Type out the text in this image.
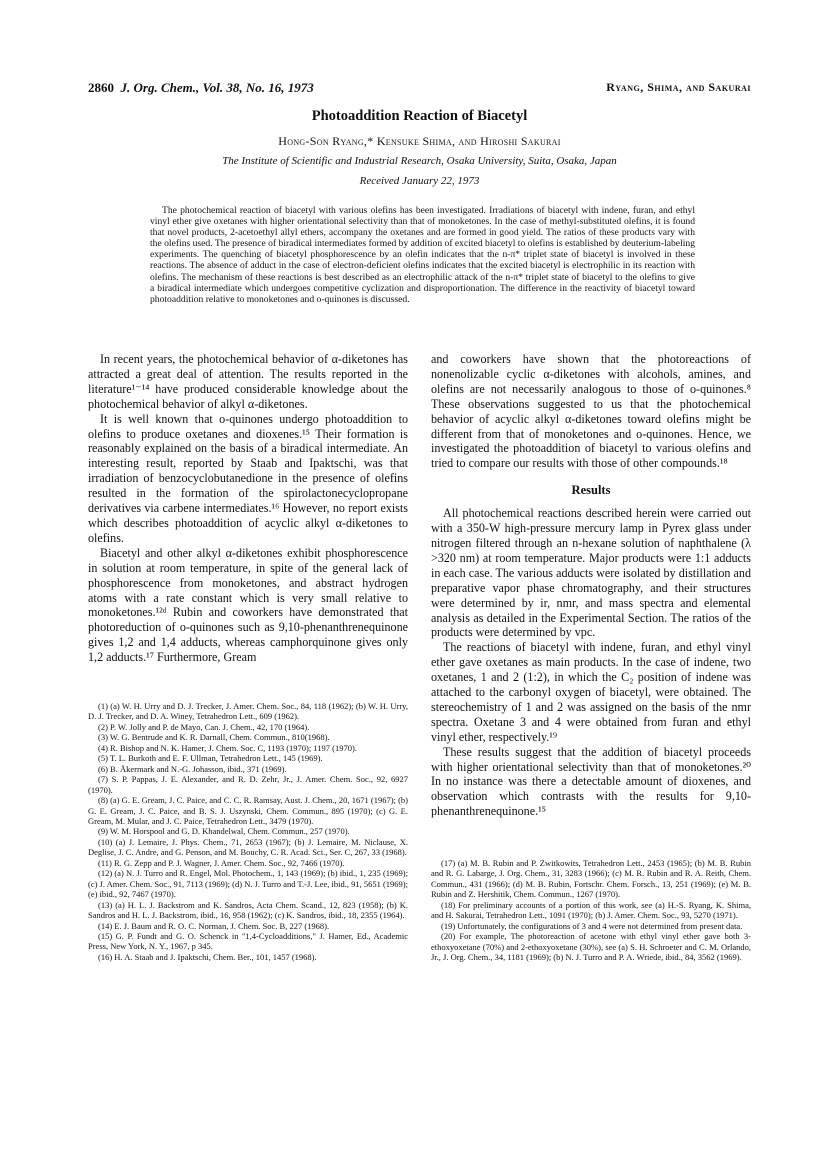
2860 J. Org. Chem., Vol. 38, No. 16, 1973	Ryang, Shima, and Sakurai
Photoaddition Reaction of Biacetyl
Hong-Son Ryang,* Kensuke Shima, and Hiroshi Sakurai
The Institute of Scientific and Industrial Research, Osaka University, Suita, Osaka, Japan
Received January 22, 1973

The photochemical reaction of biacetyl with various olefins has been investigated. Irradiations of biacetyl with indene, furan, and ethyl vinyl ether give oxetanes with higher orientational selectivity than that of monoketones. In the case of methyl-substituted olefins, it is found that novel products, 2-acetoethyl allyl ethers, accompany the oxetanes and are formed in good yield. The ratios of these products vary with the olefins used. The presence of biradical intermediates formed by addition of excited biacetyl to olefins is established by deuterium-labeling experiments. The quenching of biacetyl phosphorescence by an olefin indicates that the n-π* triplet state of biacetyl is involved in these reactions. The absence of adduct in the case of electron-deficient olefins indicates that the excited biacetyl is electrophilic in its reaction with olefins. The mechanism of these reactions is best described as an electrophilic attack of the n-π* triplet state of biacetyl to the olefins to give a biradical intermediate which undergoes competitive cyclization and disproportionation. The difference in the reactivity of biacetyl toward photoaddition relative to monoketones and o-quinones is discussed.

In recent years, the photochemical behavior of α-diketones has attracted a great deal of attention. The results reported in the literature¹⁻¹⁴ have produced considerable knowledge about the photochemical behavior of alkyl α-diketones.

It is well known that o-quinones undergo photoaddition to olefins to produce oxetanes and dioxenes.¹⁵ Their formation is reasonably explained on the basis of a biradical intermediate. An interesting result, reported by Staab and Ipaktschi, was that irradiation of benzocyclobutanedione in the presence of olefins resulted in the formation of the spirolactonecyclopropane derivatives via carbene intermediates.¹⁶ However, no report exists which describes photoaddition of acyclic alkyl α-diketones to olefins.

Biacetyl and other alkyl α-diketones exhibit phosphorescence in solution at room temperature, in spite of the general lack of phosphorescence from monoketones, and abstract hydrogen atoms with a rate constant which is very small relative to monoketones.¹²ᵈ Rubin and coworkers have demonstrated that photoreduction of o-quinones such as 9,10-phenanthrenequinone gives 1,2 and 1,4 adducts, whereas camphorquinone gives only 1,2 adducts.¹⁷ Furthermore, Gream

(1) (a) W. H. Urry and D. J. Trecker, J. Amer. Chem. Soc., 84, 118 (1962); (b) W. H. Urry, D. J. Trecker, and D. A. Winey, Tetrahedron Lett., 609 (1962).

(2) P. W. Jolly and P. de Mayo, Can. J. Chem., 42, 170 (1964).

(3) W. G. Bentrude and K. R. Darnall, Chem. Commun., 810(1968).

(4) R. Bishop and N. K. Hamer, J. Chem. Soc. C, 1193 (1970); 1197 (1970).

(5) T. L. Burkoth and E. F. Ullman, Tetrahedron Lett., 145 (1969).

(6) B. Åkermark and N.-G. Johasson, ibid., 371 (1969).

(7) S. P. Pappas, J. E. Alexander, and R. D. Zehr, Jr., J. Amer. Chem. Soc., 92, 6927 (1970).

(8) (a) G. E. Gream, J. C. Paice, and C. C. R. Ramsay, Aust. J. Chem., 20, 1671 (1967); (b) G. E. Gream, J. C. Paice, and B. S. J. Uszynski, Chem. Commun., 895 (1970); (c) G. E. Gream, M. Mular, and J. C. Paice, Tetrahedron Lett., 3479 (1970).

(9) W. M. Horspool and G. D. Khandelwal, Chem. Commun., 257 (1970).

(10) (a) J. Lemaire, J. Phys. Chem., 71, 2653 (1967); (b) J. Lemaire, M. Niclause, X. Deglise, J. C. Andre, and G. Penson, and M. Bouchy, C. R. Acad. Sci., Ser. C, 267, 33 (1968).

(11) R. G. Zepp and P. J. Wagner, J. Amer. Chem. Soc., 92, 7466 (1970).

(12) (a) N. J. Turro and R. Engel, Mol. Photochem., 1, 143 (1969); (b) ibid., 1, 235 (1969); (c) J. Amer. Chem. Soc., 91, 7113 (1969); (d) N. J. Turro and T.-J. Lee, ibid., 91, 5651 (1969); (e) ibid., 92, 7467 (1970).

(13) (a) H. L. J. Backstrom and K. Sandros, Acta Chem. Scand., 12, 823 (1958); (b) K. Sandros and H. L. J. Backstrom, ibid., 16, 958 (1962); (c) K. Sandros, ibid., 18, 2355 (1964).

(14) E. J. Baum and R. O. C. Norman, J. Chem. Soc. B, 227 (1968).

(15) G. P. Fundt and G. O. Schenck in "1,4-Cycloadditions," J. Hamer, Ed., Academic Press, New York, N. Y., 1967, p 345.

(16) H. A. Staab and J. Ipaktschi, Chem. Ber., 101, 1457 (1968).

and coworkers have shown that the photoreactions of nonenolizable cyclic α-diketones with alcohols, amines, and olefins are not necessarily analogous to those of o-quinones.⁸ These observations suggested to us that the photochemical behavior of acyclic alkyl α-diketones toward olefins might be different from that of monoketones and o-quinones. Hence, we investigated the photoaddition of biacetyl to various olefins and tried to compare our results with those of other compounds.¹⁸

Results

All photochemical reactions described herein were carried out with a 350-W high-pressure mercury lamp in Pyrex glass under nitrogen filtered through an n-hexane solution of naphthalene (λ >320 nm) at room temperature. Major products were 1:1 adducts in each case. The various adducts were isolated by distillation and preparative vapor phase chromatography, and their structures were determined by ir, nmr, and mass spectra and elemental analysis as detailed in the Experimental Section. The ratios of the products were determined by vpc.

The reactions of biacetyl with indene, furan, and ethyl vinyl ether gave oxetanes as main products. In the case of indene, two oxetanes, 1 and 2 (1:2), in which the C₂ position of indene was attached to the carbonyl oxygen of biacetyl, were obtained. The stereochemistry of 1 and 2 was assigned on the basis of the nmr spectra. Oxetane 3 and 4 were obtained from furan and ethyl vinyl ether, respectively.¹⁹

These results suggest that the addition of biacetyl proceeds with higher orientational selectivity than that of monoketones.²⁰ In no instance was there a detectable amount of dioxenes, and observation which contrasts with the results for 9,10-phenanthrenequinone.¹⁵

(17) (a) M. B. Rubin and P. Zwitkowits, Tetrahedron Lett., 2453 (1965); (b) M. B. Rubin and R. G. Labarge, J. Org. Chem., 31, 3283 (1966); (c) M. R. Rubin and R. A. Reith, Chem. Commun., 431 (1966); (d) M. B. Rubin, Fortschr. Chem. Forsch., 13, 251 (1969); (e) M. B. Rubin and Z. Hershitik, Chem. Commun., 1267 (1970).

(18) For preliminary accounts of a portion of this work, see (a) H.-S. Ryang, K. Shima, and H. Sakurai, Tetrahedron Lett., 1091 (1970); (b) J. Amer. Chem. Soc., 93, 5270 (1971).

(19) Unfortunately, the configurations of 3 and 4 were not determined from present data.

(20) For example, The photoreaction of acetone with ethyl vinyl ether gave both 3-ethoxyoxetane (70%) and 2-ethoxyoxetane (30%), see (a) S. H. Schroeter and C. M. Orlando, Jr., J. Org. Chem., 34, 1181 (1969); (b) N. J. Turro and P. A. Wriede, ibid., 84, 3562 (1969).
